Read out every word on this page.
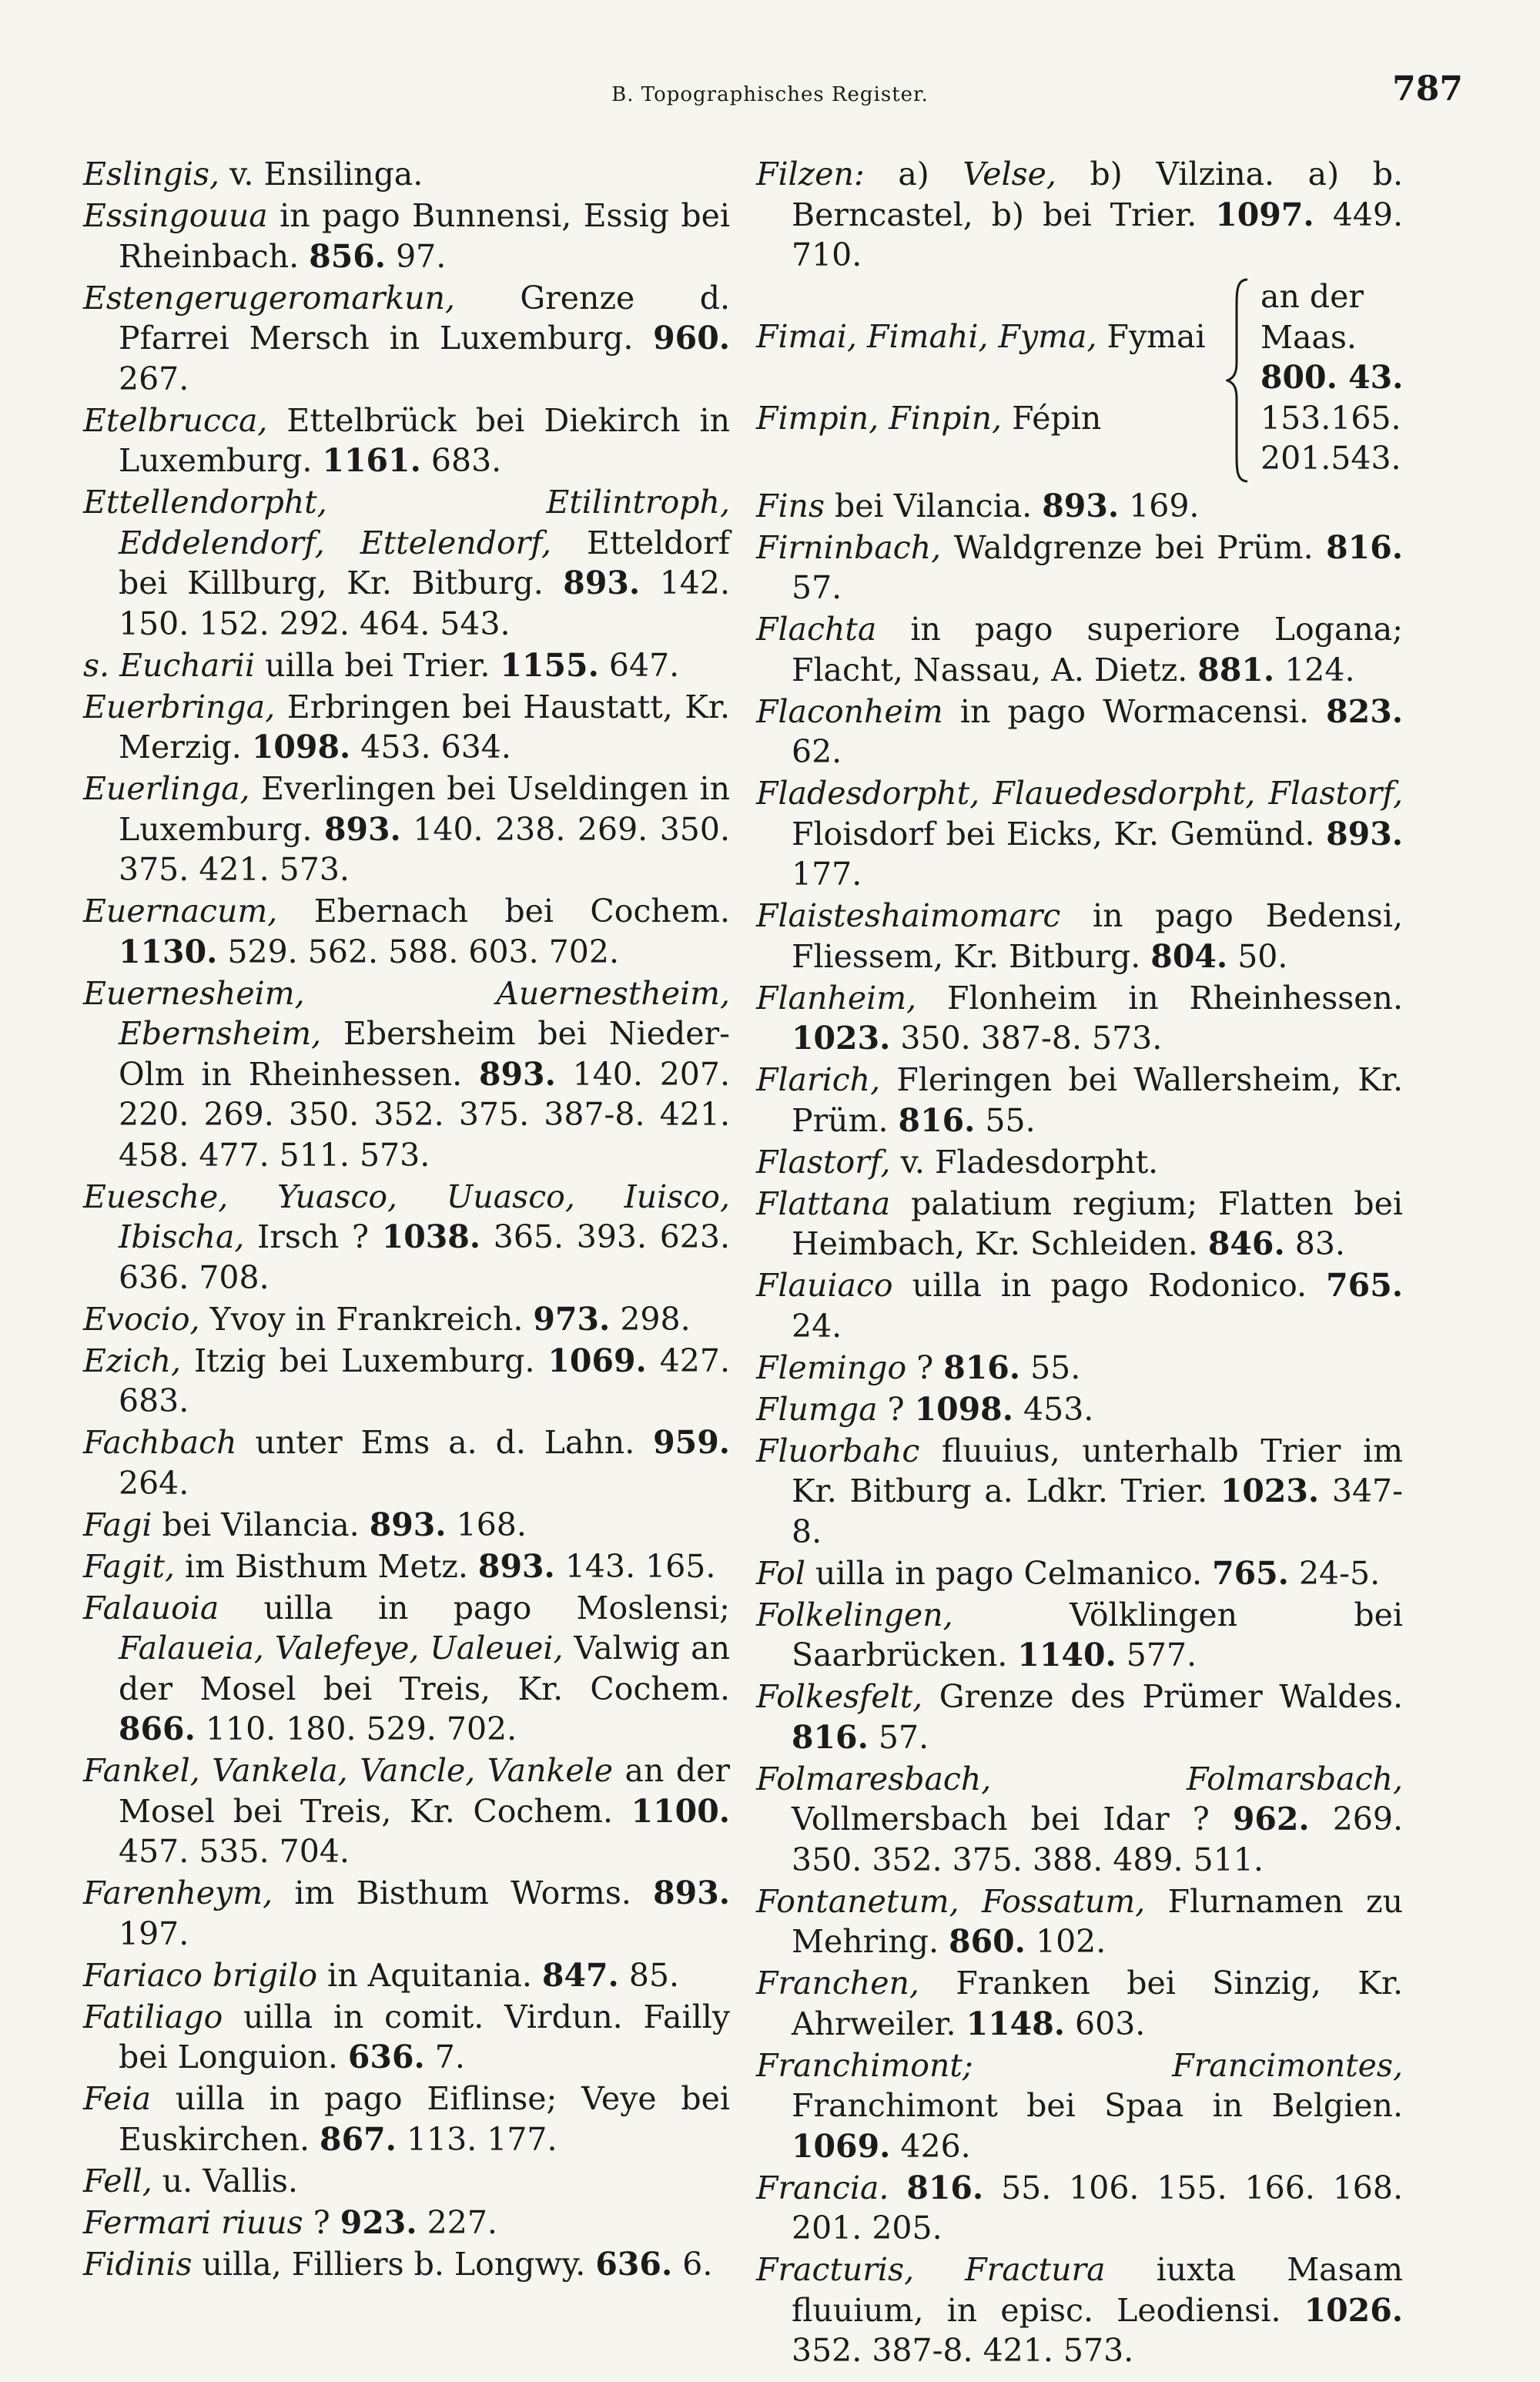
B. Topographisches Register.	787
Eslingis, v. Ensilinga.
Essingouua in pago Bunnensi, Essig bei Rheinbach. 856. 97.
Estengerugeromarkun, Grenze d. Pfarrei Mersch in Luxemburg. 960. 267.
Etelbrucca, Ettelbrück bei Diekirch in Luxemburg. 1161. 683.
Ettellendorpht, Etilintroph, Eddelendorf, Ettelendorf, Etteldorf bei Killburg, Kr. Bitburg. 893. 142. 150. 152. 292. 464. 543.
s. Eucharii uilla bei Trier. 1155. 647.
Euerbringa, Erbringen bei Haustatt, Kr. Merzig. 1098. 453. 634.
Euerlinga, Everlingen bei Useldingen in Luxemburg. 893. 140. 238. 269. 350. 375. 421. 573.
Euernacum, Ebernach bei Cochem. 1130. 529. 562. 588. 603. 702.
Euernesheim, Auernestheim, Ebernsheim, Ebersheim bei Nieder-Olm in Rheinhessen. 893. 140. 207. 220. 269. 350. 352. 375. 387-8. 421. 458. 477. 511. 573.
Euesche, Yuasco, Uuasco, Iuisco, Ibischa, Irsch ? 1038. 365. 393. 623. 636. 708.
Evocio, Yvoy in Frankreich. 973. 298.
Ezich, Itzig bei Luxemburg. 1069. 427. 683.
Fachbach unter Ems a. d. Lahn. 959. 264.
Fagi bei Vilancia. 893. 168.
Fagit, im Bisthum Metz. 893. 143. 165.
Falauoia uilla in pago Moslensi; Falaueia, Valefeye, Ualeuei, Valwig an der Mosel bei Treis, Kr. Cochem. 866. 110. 180. 529. 702.
Fankel, Vankela, Vancle, Vankele an der Mosel bei Treis, Kr. Cochem. 1100. 457. 535. 704.
Farenheym, im Bisthum Worms. 893. 197.
Fariaco brigilo in Aquitania. 847. 85.
Fatiliago uilla in comit. Virdun. Failly bei Longuion. 636. 7.
Feia uilla in pago Eiflinse; Veye bei Euskirchen. 867. 113. 177.
Fell, u. Vallis.
Fermari riuus ? 923. 227.
Fidinis uilla, Filliers b. Longwy. 636. 6.
Filzen: a) Velse, b) Vilzina. a) b. Berncastel, b) bei Trier. 1097. 449. 710.
Fimai, Fimahi, Fyma, Fymai
Fimpin, Finpin, Fépin
an der
Maas.
800. 43.
153.165.
201.543.
Fins bei Vilancia. 893. 169.
Firninbach, Waldgrenze bei Prüm. 816. 57.
Flachta in pago superiore Logana; Flacht, Nassau, A. Dietz. 881. 124.
Flaconheim in pago Wormacensi. 823. 62.
Fladesdorpht, Flauedesdorpht, Flastorf, Floisdorf bei Eicks, Kr. Gemünd. 893. 177.
Flaisteshaimomarc in pago Bedensi, Fliessem, Kr. Bitburg. 804. 50.
Flanheim, Flonheim in Rheinhessen. 1023. 350. 387-8. 573.
Flarich, Fleringen bei Wallersheim, Kr. Prüm. 816. 55.
Flastorf, v. Fladesdorpht.
Flattana palatium regium; Flatten bei Heimbach, Kr. Schleiden. 846. 83.
Flauiaco uilla in pago Rodonico. 765. 24.
Flemingo ? 816. 55.
Flumga ? 1098. 453.
Fluorbahc fluuius, unterhalb Trier im Kr. Bitburg a. Ldkr. Trier. 1023. 347-8.
Fol uilla in pago Celmanico. 765. 24-5.
Folkelingen, Völklingen bei Saarbrücken. 1140. 577.
Folkesfelt, Grenze des Prümer Waldes. 816. 57.
Folmaresbach, Folmarsbach, Vollmersbach bei Idar ? 962. 269. 350. 352. 375. 388. 489. 511.
Fontanetum, Fossatum, Flurnamen zu Mehring. 860. 102.
Franchen, Franken bei Sinzig, Kr. Ahrweiler. 1148. 603.
Franchimont; Francimontes, Franchimont bei Spaa in Belgien. 1069. 426.
Francia. 816. 55. 106. 155. 166. 168. 201. 205.
Fracturis, Fractura iuxta Masam fluuium, in episc. Leodiensi. 1026. 352. 387-8. 421. 573.
